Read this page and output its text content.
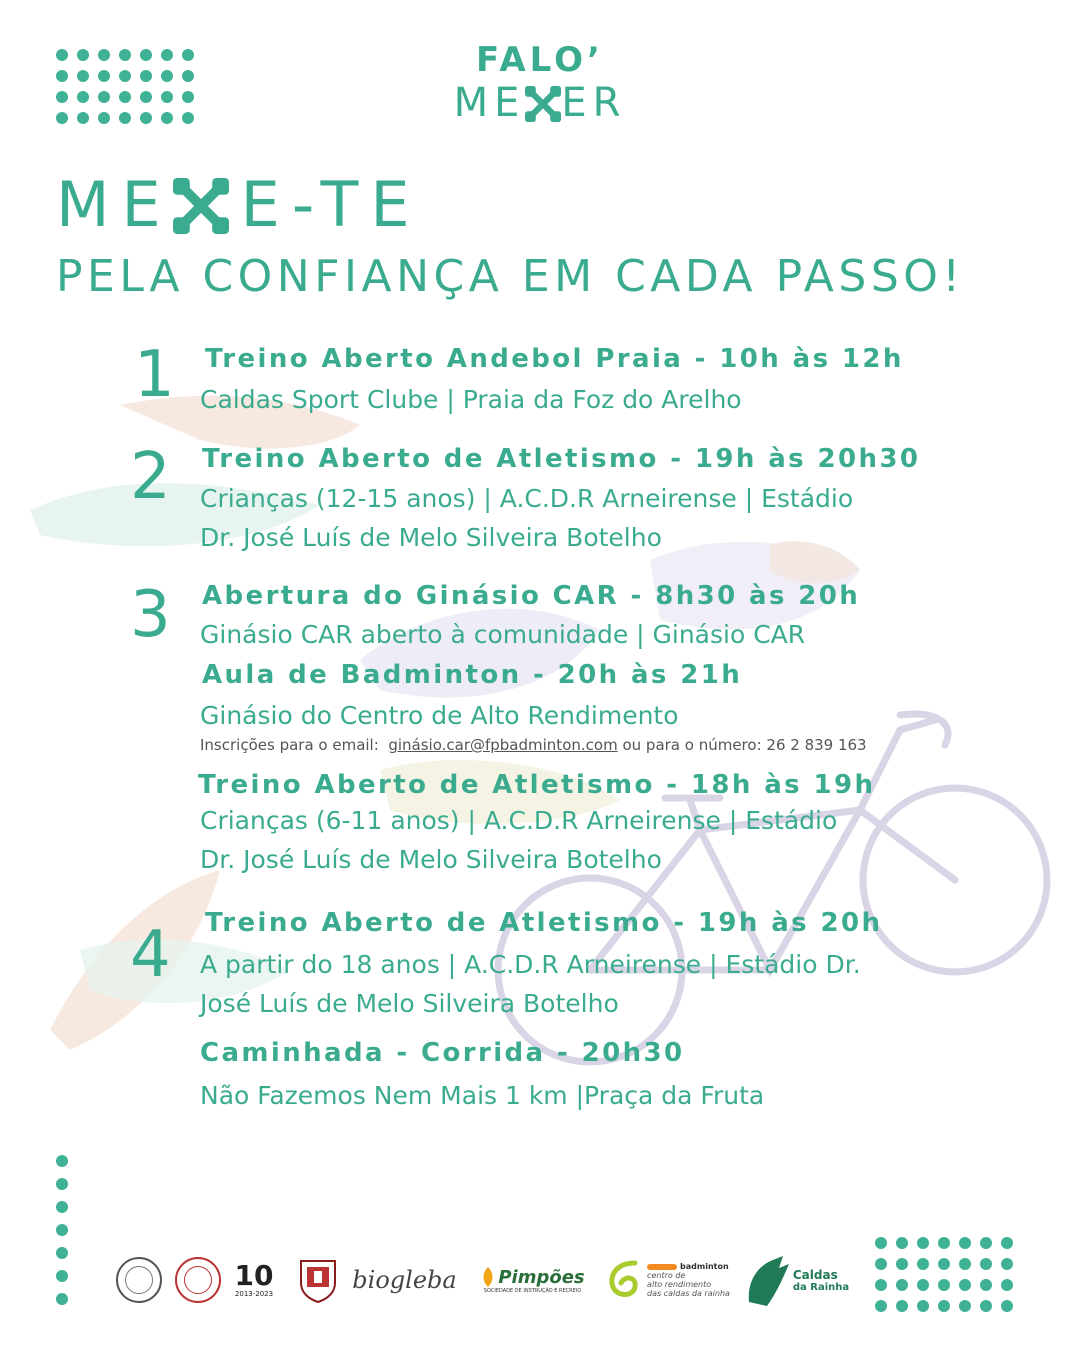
FALO’
ME ER
ME E-TE
PELA CONFIANÇA EM CADA PASSO!
1 Treino Aberto Andebol Praia - 10h às 12h
Caldas Sport Clube | Praia da Foz do Arelho
2 Treino Aberto de Atletismo - 19h às 20h30
Crianças (12-15 anos) | A.C.D.R Arneirense | Estádio
Dr. José Luís de Melo Silveira Botelho
3 Abertura do Ginásio CAR - 8h30 às 20h
Ginásio CAR aberto à comunidade | Ginásio CAR
Aula de Badminton - 20h às 21h
Ginásio do Centro de Alto Rendimento
Inscrições para o email: ginásio.car@fpbadminton.com ou para o número: 26 2 839 163
Treino Aberto de Atletismo - 18h às 19h
Crianças (6-11 anos) | A.C.D.R Arneirense | Estádio
Dr. José Luís de Melo Silveira Botelho
4 Treino Aberto de Atletismo - 19h às 20h
A partir do 18 anos | A.C.D.R Arneirense | Estádio Dr.
José Luís de Melo Silveira Botelho
Caminhada - Corrida - 20h30
Não Fazemos Nem Mais 1 km |Praça da Fruta
10
2013-2023	biogleba Pimpões
SOCIEDADE DE INSTRUÇÃO E RECREIO
badminton
centro de
alto rendimento
das caldas da rainha
Caldas
da Rainha
